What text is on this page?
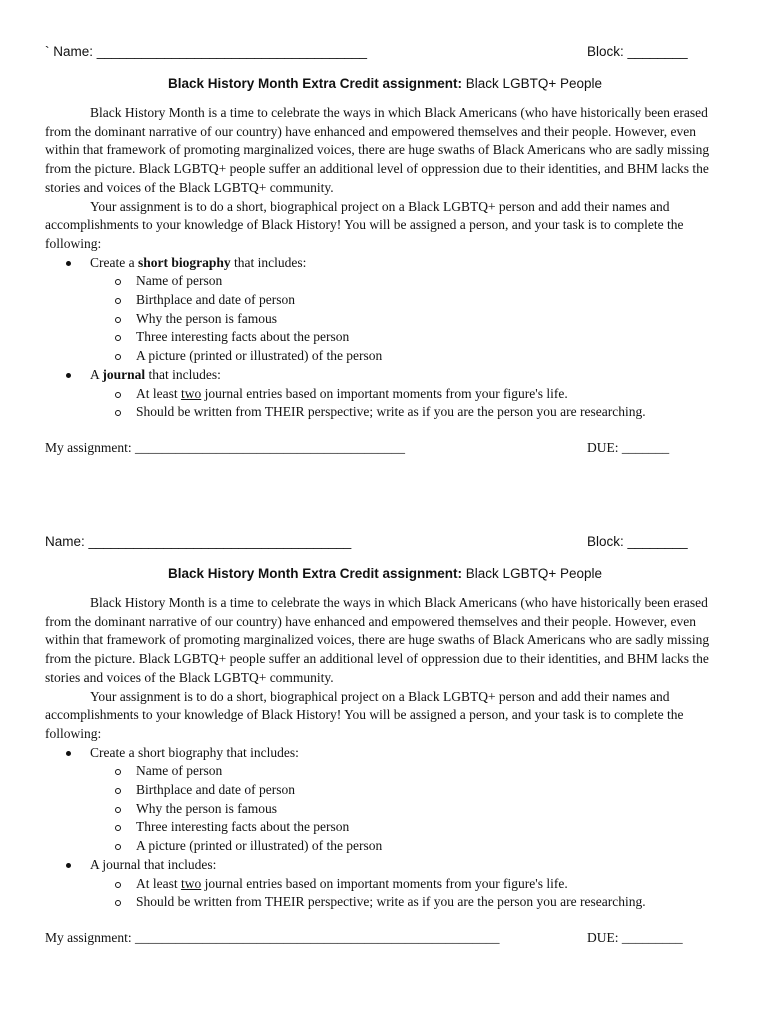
` Name: ____________________________________	Block: ________
Black History Month Extra Credit assignment: Black LGBTQ+ People

Black History Month is a time to celebrate the ways in which Black Americans (who have historically been erased from the dominant narrative of our country) have enhanced and empowered themselves and their people. However, even within that framework of promoting marginalized voices, there are huge swaths of Black Americans who are sadly missing from the picture. Black LGBTQ+ people suffer an additional level of oppression due to their identities, and BHM lacks the stories and voices of the Black LGBTQ+ community.

Your assignment is to do a short, biographical project on a Black LGBTQ+ person and add their names and accomplishments to your knowledge of Black History! You will be assigned a person, and your task is to complete the following:

Create a short biography that includes:
Name of person
Birthplace and date of person
Why the person is famous
Three interesting facts about the person
A picture (printed or illustrated) of the person
A journal that includes:
At least two journal entries based on important moments from your figure's life.
Should be written from THEIR perspective; write as if you are the person you are researching.
My assignment: ________________________________________	DUE: _______
Name: ___________________________________	Block: ________
Black History Month Extra Credit assignment: Black LGBTQ+ People

Black History Month is a time to celebrate the ways in which Black Americans (who have historically been erased from the dominant narrative of our country) have enhanced and empowered themselves and their people. However, even within that framework of promoting marginalized voices, there are huge swaths of Black Americans who are sadly missing from the picture. Black LGBTQ+ people suffer an additional level of oppression due to their identities, and BHM lacks the stories and voices of the Black LGBTQ+ community.

Your assignment is to do a short, biographical project on a Black LGBTQ+ person and add their names and accomplishments to your knowledge of Black History! You will be assigned a person, and your task is to complete the following:

Create a short biography that includes:
Name of person
Birthplace and date of person
Why the person is famous
Three interesting facts about the person
A picture (printed or illustrated) of the person
A journal that includes:
At least two journal entries based on important moments from your figure's life.
Should be written from THEIR perspective; write as if you are the person you are researching.
My assignment: ______________________________________________________	DUE: _________
